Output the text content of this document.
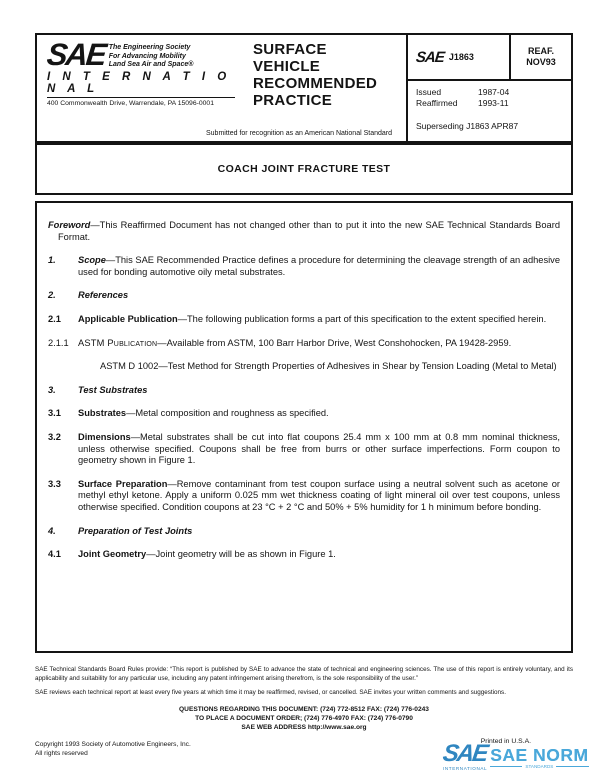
SAE The Engineering Society
For Advancing Mobility
Land Sea Air and Space®
I N T E R N A T I O N A L
400 Commonwealth Drive, Warrendale, PA 15096-0001
SURFACE
VEHICLE
RECOMMENDED
PRACTICE
Submitted for recognition as an American National Standard
SAE J1863
REAF.
NOV93
Issued	1987-04
Reaffirmed	1993-11
Superseding J1863 APR87
COACH JOINT FRACTURE TEST

Foreword—This Reaffirmed Document has not changed other than to put it into the new SAE Technical Standards Board Format.

1.	Scope—This SAE Recommended Practice defines a procedure for determining the cleavage strength of an adhesive used for bonding automotive oily metal substrates.
2.	References
2.1	Applicable Publication—The following publication forms a part of this specification to the extent specified herein.
2.1.1	ASTM Publication—Available from ASTM, 100 Barr Harbor Drive, West Conshohocken, PA 19428-2959.

ASTM D 1002—Test Method for Strength Properties of Adhesives in Shear by Tension Loading (Metal to Metal)

3.	Test Substrates
3.1	Substrates—Metal composition and roughness as specified.
3.2	Dimensions—Metal substrates shall be cut into flat coupons 25.4 mm x 100 mm at 0.8 mm nominal thickness, unless otherwise specified. Coupons shall be free from burrs or other surface imperfections. Form coupon to geometry shown in Figure 1.
3.3	Surface Preparation—Remove contaminant from test coupon surface using a neutral solvent such as acetone or methyl ethyl ketone. Apply a uniform 0.025 mm wet thickness coating of light mineral oil over test coupons, unless otherwise specified. Condition coupons at 23 °C + 2 °C and 50% + 5% humidity for 1 h minimum before bonding.
4.	Preparation of Test Joints
4.1	Joint Geometry—Joint geometry will be as shown in Figure 1.

SAE Technical Standards Board Rules provide: “This report is published by SAE to advance the state of technical and engineering sciences. The use of this report is entirely voluntary, and its applicability and suitability for any particular use, including any patent infringement arising therefrom, is the sole responsibility of the user.”

SAE reviews each technical report at least every five years at which time it may be reaffirmed, revised, or cancelled. SAE invites your written comments and suggestions.

QUESTIONS REGARDING THIS DOCUMENT: (724) 772-8512 FAX: (724) 776-0243
TO PLACE A DOCUMENT ORDER; (724) 776-4970 FAX: (724) 776-0790
SAE WEB ADDRESS http://www.sae.org
Copyright 1993 Society of Automotive Engineers, Inc.
All rights reserved
Printed in U.S.A.
SAE
INTERNATIONAL
SAE NORM
STANDARDS
